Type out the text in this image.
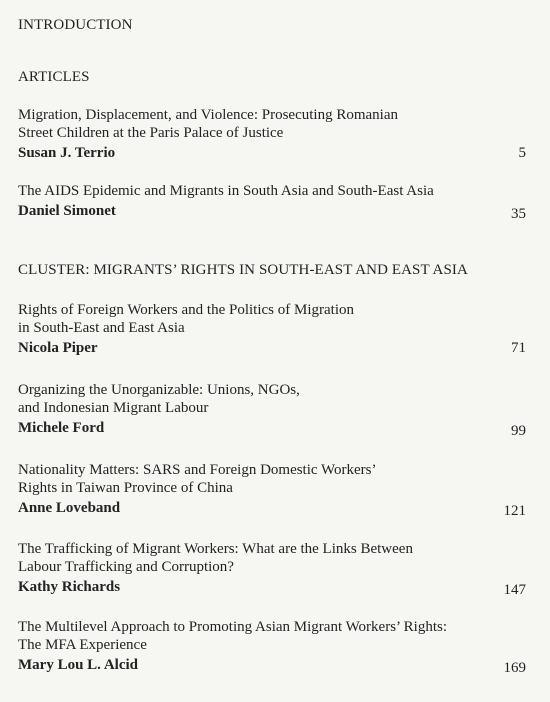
INTRODUCTION
ARTICLES
Migration, Displacement, and Violence: Prosecuting Romanian
Street Children at the Paris Palace of Justice
Susan J. Terrio	5
The AIDS Epidemic and Migrants in South Asia and South-East Asia
Daniel Simonet	35
CLUSTER: MIGRANTS’ RIGHTS IN SOUTH-EAST AND EAST ASIA
Rights of Foreign Workers and the Politics of Migration
in South-East and East Asia
Nicola Piper	71
Organizing the Unorganizable: Unions, NGOs,
and Indonesian Migrant Labour
Michele Ford	99
Nationality Matters: SARS and Foreign Domestic Workers’
Rights in Taiwan Province of China
Anne Loveband	121
The Trafficking of Migrant Workers: What are the Links Between
Labour Trafficking and Corruption?
Kathy Richards	147
The Multilevel Approach to Promoting Asian Migrant Workers’ Rights:
The MFA Experience
Mary Lou L. Alcid	169
